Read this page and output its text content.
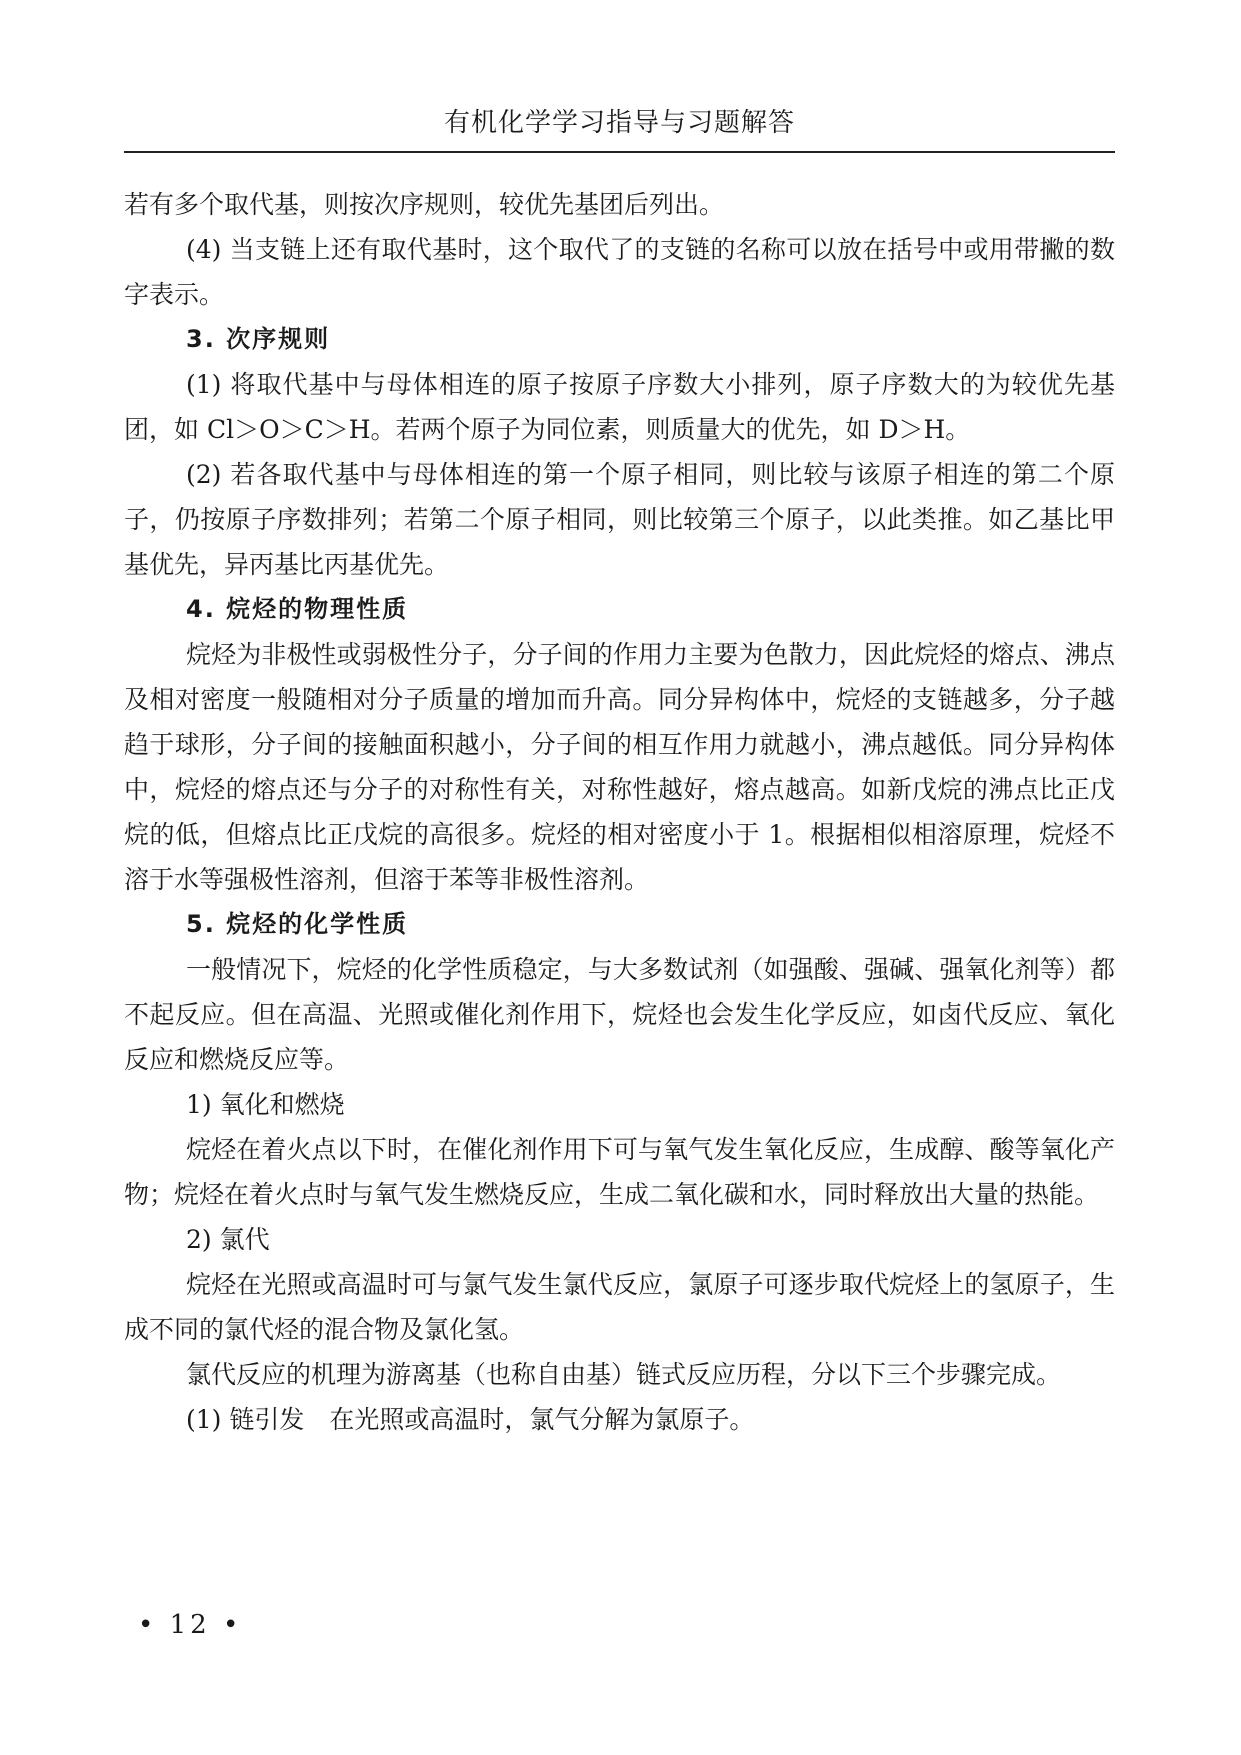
有机化学学习指导与习题解答

若有多个取代基，则按次序规则，较优先基团后列出。

(4) 当支链上还有取代基时，这个取代了的支链的名称可以放在括号中或用带撇的数字表示。

3. 次序规则

(1) 将取代基中与母体相连的原子按原子序数大小排列，原子序数大的为较优先基团，如 Cl＞O＞C＞H。若两个原子为同位素，则质量大的优先，如 D＞H。

(2) 若各取代基中与母体相连的第一个原子相同，则比较与该原子相连的第二个原子，仍按原子序数排列；若第二个原子相同，则比较第三个原子，以此类推。如乙基比甲基优先，异丙基比丙基优先。

4. 烷烃的物理性质

烷烃为非极性或弱极性分子，分子间的作用力主要为色散力，因此烷烃的熔点、沸点及相对密度一般随相对分子质量的增加而升高。同分异构体中，烷烃的支链越多，分子越趋于球形，分子间的接触面积越小，分子间的相互作用力就越小，沸点越低。同分异构体中，烷烃的熔点还与分子的对称性有关，对称性越好，熔点越高。如新戊烷的沸点比正戊烷的低，但熔点比正戊烷的高很多。烷烃的相对密度小于 1。根据相似相溶原理，烷烃不溶于水等强极性溶剂，但溶于苯等非极性溶剂。

5. 烷烃的化学性质

一般情况下，烷烃的化学性质稳定，与大多数试剂（如强酸、强碱、强氧化剂等）都不起反应。但在高温、光照或催化剂作用下，烷烃也会发生化学反应，如卤代反应、氧化反应和燃烧反应等。

1) 氧化和燃烧

烷烃在着火点以下时，在催化剂作用下可与氧气发生氧化反应，生成醇、酸等氧化产物；烷烃在着火点时与氧气发生燃烧反应，生成二氧化碳和水，同时释放出大量的热能。

2) 氯代

烷烃在光照或高温时可与氯气发生氯代反应，氯原子可逐步取代烷烃上的氢原子，生成不同的氯代烃的混合物及氯化氢。

氯代反应的机理为游离基（也称自由基）链式反应历程，分以下三个步骤完成。

(1) 链引发　在光照或高温时，氯气分解为氯原子。

• 12 •
